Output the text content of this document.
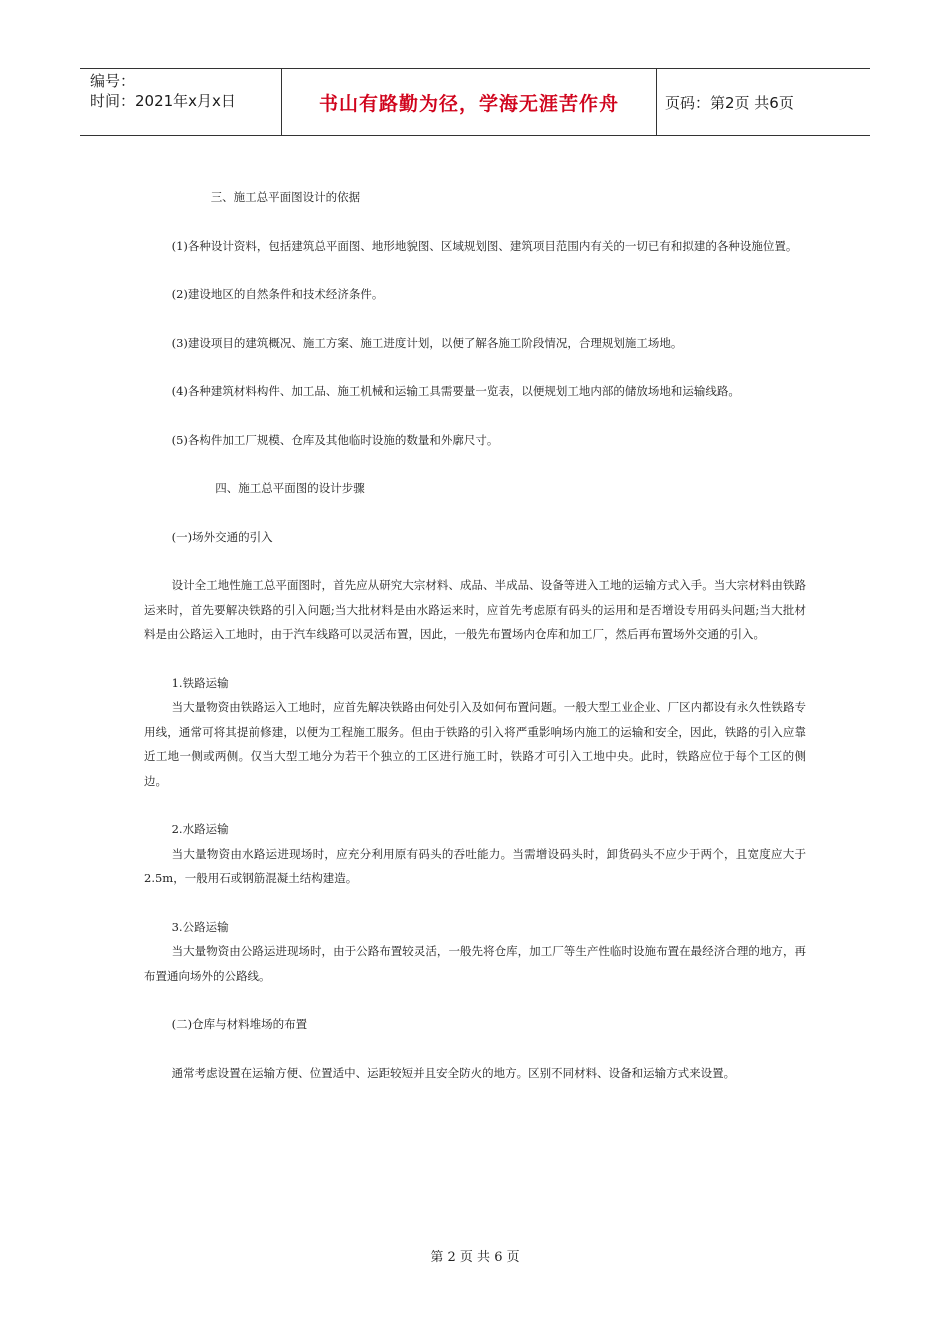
编号：
时间：2021年x月x日	书山有路勤为径，学海无涯苦作舟	页码：第2页 共6页

三、施工总平面图设计的依据

(1)各种设计资料，包括建筑总平面图、地形地貌图、区域规划图、建筑项目范围内有关的一切已有和拟建的各种设施位置。

(2)建设地区的自然条件和技术经济条件。

(3)建设项目的建筑概况、施工方案、施工进度计划，以便了解各施工阶段情况，合理规划施工场地。

(4)各种建筑材料构件、加工品、施工机械和运输工具需要量一览表，以便规划工地内部的储放场地和运输线路。

(5)各构件加工厂规模、仓库及其他临时设施的数量和外廓尺寸。

四、施工总平面图的设计步骤

(一)场外交通的引入

设计全工地性施工总平面图时，首先应从研究大宗材料、成品、半成品、设备等进入工地的运输方式入手。当大宗材料由铁路运来时，首先要解决铁路的引入问题;当大批材料是由水路运来时，应首先考虑原有码头的运用和是否增设专用码头问题;当大批材料是由公路运入工地时，由于汽车线路可以灵活布置，因此，一般先布置场内仓库和加工厂，然后再布置场外交通的引入。

1.铁路运输

当大量物资由铁路运入工地时，应首先解决铁路由何处引入及如何布置问题。一般大型工业企业、厂区内都设有永久性铁路专用线，通常可将其提前修建，以便为工程施工服务。但由于铁路的引入将严重影响场内施工的运输和安全，因此，铁路的引入应靠近工地一侧或两侧。仅当大型工地分为若干个独立的工区进行施工时，铁路才可引入工地中央。此时，铁路应位于每个工区的侧边。

2.水路运输

当大量物资由水路运进现场时，应充分利用原有码头的吞吐能力。当需增设码头时，卸货码头不应少于两个，且宽度应大于2.5m，一般用石或钢筋混凝土结构建造。

3.公路运输

当大量物资由公路运进现场时，由于公路布置较灵活，一般先将仓库，加工厂等生产性临时设施布置在最经济合理的地方，再布置通向场外的公路线。

(二)仓库与材料堆场的布置

通常考虑设置在运输方便、位置适中、运距较短并且安全防火的地方。区别不同材料、设备和运输方式来设置。

第 2 页 共 6 页
